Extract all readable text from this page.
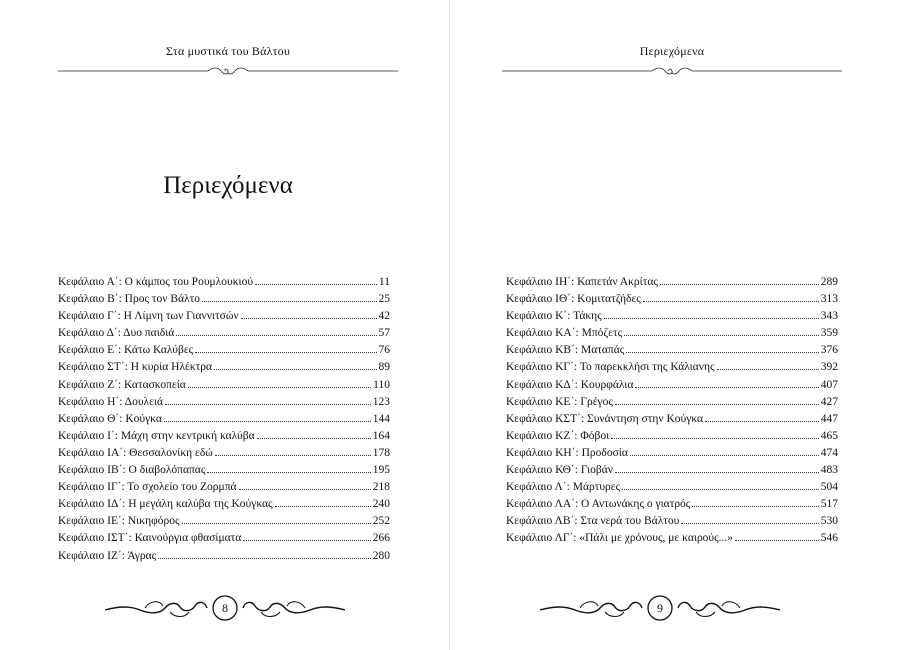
Στα μυστικά του Βάλτου
Περιεχόμενα
Κεφάλαιο Α΄: Ο κάμπος του Ρουμλουκιού	11
Κεφάλαιο Β΄: Προς τον Βάλτο	25
Κεφάλαιο Γ΄: Η Λίμνη των Γιαννιτσών	42
Κεφάλαιο Δ΄: Δυο παιδιά	57
Κεφάλαιο Ε΄: Κάτω Καλύβες	76
Κεφάλαιο ΣΤ΄: Η κυρία Ηλέκτρα	89
Κεφάλαιο Ζ΄: Κατασκοπεία	110
Κεφάλαιο Η΄: Δουλειά	123
Κεφάλαιο Θ΄: Κούγκα	144
Κεφάλαιο Ι΄: Μάχη στην κεντρική καλύβα	164
Κεφάλαιο ΙΑ΄: Θεσσαλονίκη εδώ	178
Κεφάλαιο ΙΒ΄: Ο διαβολόπαπας	195
Κεφάλαιο ΙΓ΄: Το σχολείο του Ζορμπά	218
Κεφάλαιο ΙΔ΄: Η μεγάλη καλύβα της Κούγκας	240
Κεφάλαιο ΙΕ΄: Νικηφόρος	252
Κεφάλαιο ΙΣΤ΄: Καινούργια φθασίματα	266
Κεφάλαιο ΙΖ΄: Άγρας	280
8
Περιεχόμενα
Κεφάλαιο ΙΗ΄: Καπετάν Ακρίτας	289
Κεφάλαιο ΙΘ΄: Κομιτατζήδες	313
Κεφάλαιο Κ΄: Τάκης	343
Κεφάλαιο ΚΑ΄: Μπόζετς	359
Κεφάλαιο ΚΒ΄: Ματαπάς	376
Κεφάλαιο ΚΓ΄: Το παρεκκλήσι της Κάλιανης	392
Κεφάλαιο ΚΔ΄: Κουρφάλια	407
Κεφάλαιο ΚΕ΄: Γρέγος	427
Κεφάλαιο ΚΣΤ΄: Συνάντηση στην Κούγκα	447
Κεφάλαιο ΚΖ΄: Φόβοι	465
Κεφάλαιο ΚΗ΄: Προδοσία	474
Κεφάλαιο ΚΘ΄: Γιοβάν	483
Κεφάλαιο Λ΄: Μάρτυρες	504
Κεφάλαιο ΛΑ΄: Ο Αντωνάκης ο γιατρός	517
Κεφάλαιο ΛΒ΄: Στα νερά του Βάλτου	530
Κεφάλαιο ΛΓ΄: «Πάλι με χρόνους, με καιρούς...»	546
9
